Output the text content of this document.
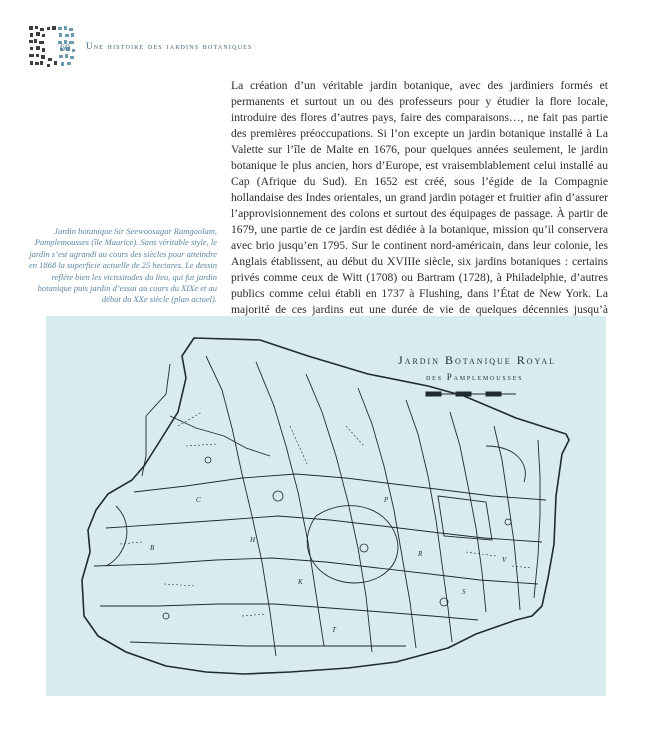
60 Une histoire des jardins botaniques

La création d’un véritable jardin botanique, avec des jardiniers formés et permanents et surtout un ou des professeurs pour y étudier la flore locale, introduire des flores d’autres pays, faire des comparaisons…, ne fait pas partie des premières préoccupations. Si l’on excepte un jardin botanique installé à La Valette sur l’île de Malte en 1676, pour quelques années seulement, le jardin botanique le plus ancien, hors d’Europe, est vraisemblablement celui installé au Cap (Afrique du Sud). En 1652 est créé, sous l’égide de la Compagnie hollandaise des Indes orientales, un grand jardin potager et fruitier afin d’assurer l’approvisionnement des colons et surtout des équipages de passage. À partir de 1679, une partie de ce jardin est dédiée à la botanique, mission qu’il conservera avec brio jusqu’en 1795. Sur le continent nord-américain, dans leur colonie, les Anglais établissent, au début du XVIIIe siècle, six jardins botaniques : certains privés comme ceux de Witt (1708) ou Bartram (1728), à Philadelphie, d’autres publics comme celui établi en 1737 à Flushing, dans l’État de New York. La majorité de ces jardins eut une durée de vie de quelques décennies jusqu’à

Jardin botanique Sir Seewoosagur Ramgoolam, Pamplemousses (île Maurice). Sans véritable style, le jardin s’est agrandi au cours des siècles pour atteindre en 1868 la superficie actuelle de 25 hectares. Le dessin reflète bien les vicissitudes du lieu, qui fut jardin botanique puis jardin d’essai au cours du XIXe et au début du XXe siècle (plan actuel).

C
H
K
P
R
S
B
T
V
Jardin Botanique Royal
des Pamplemousses
